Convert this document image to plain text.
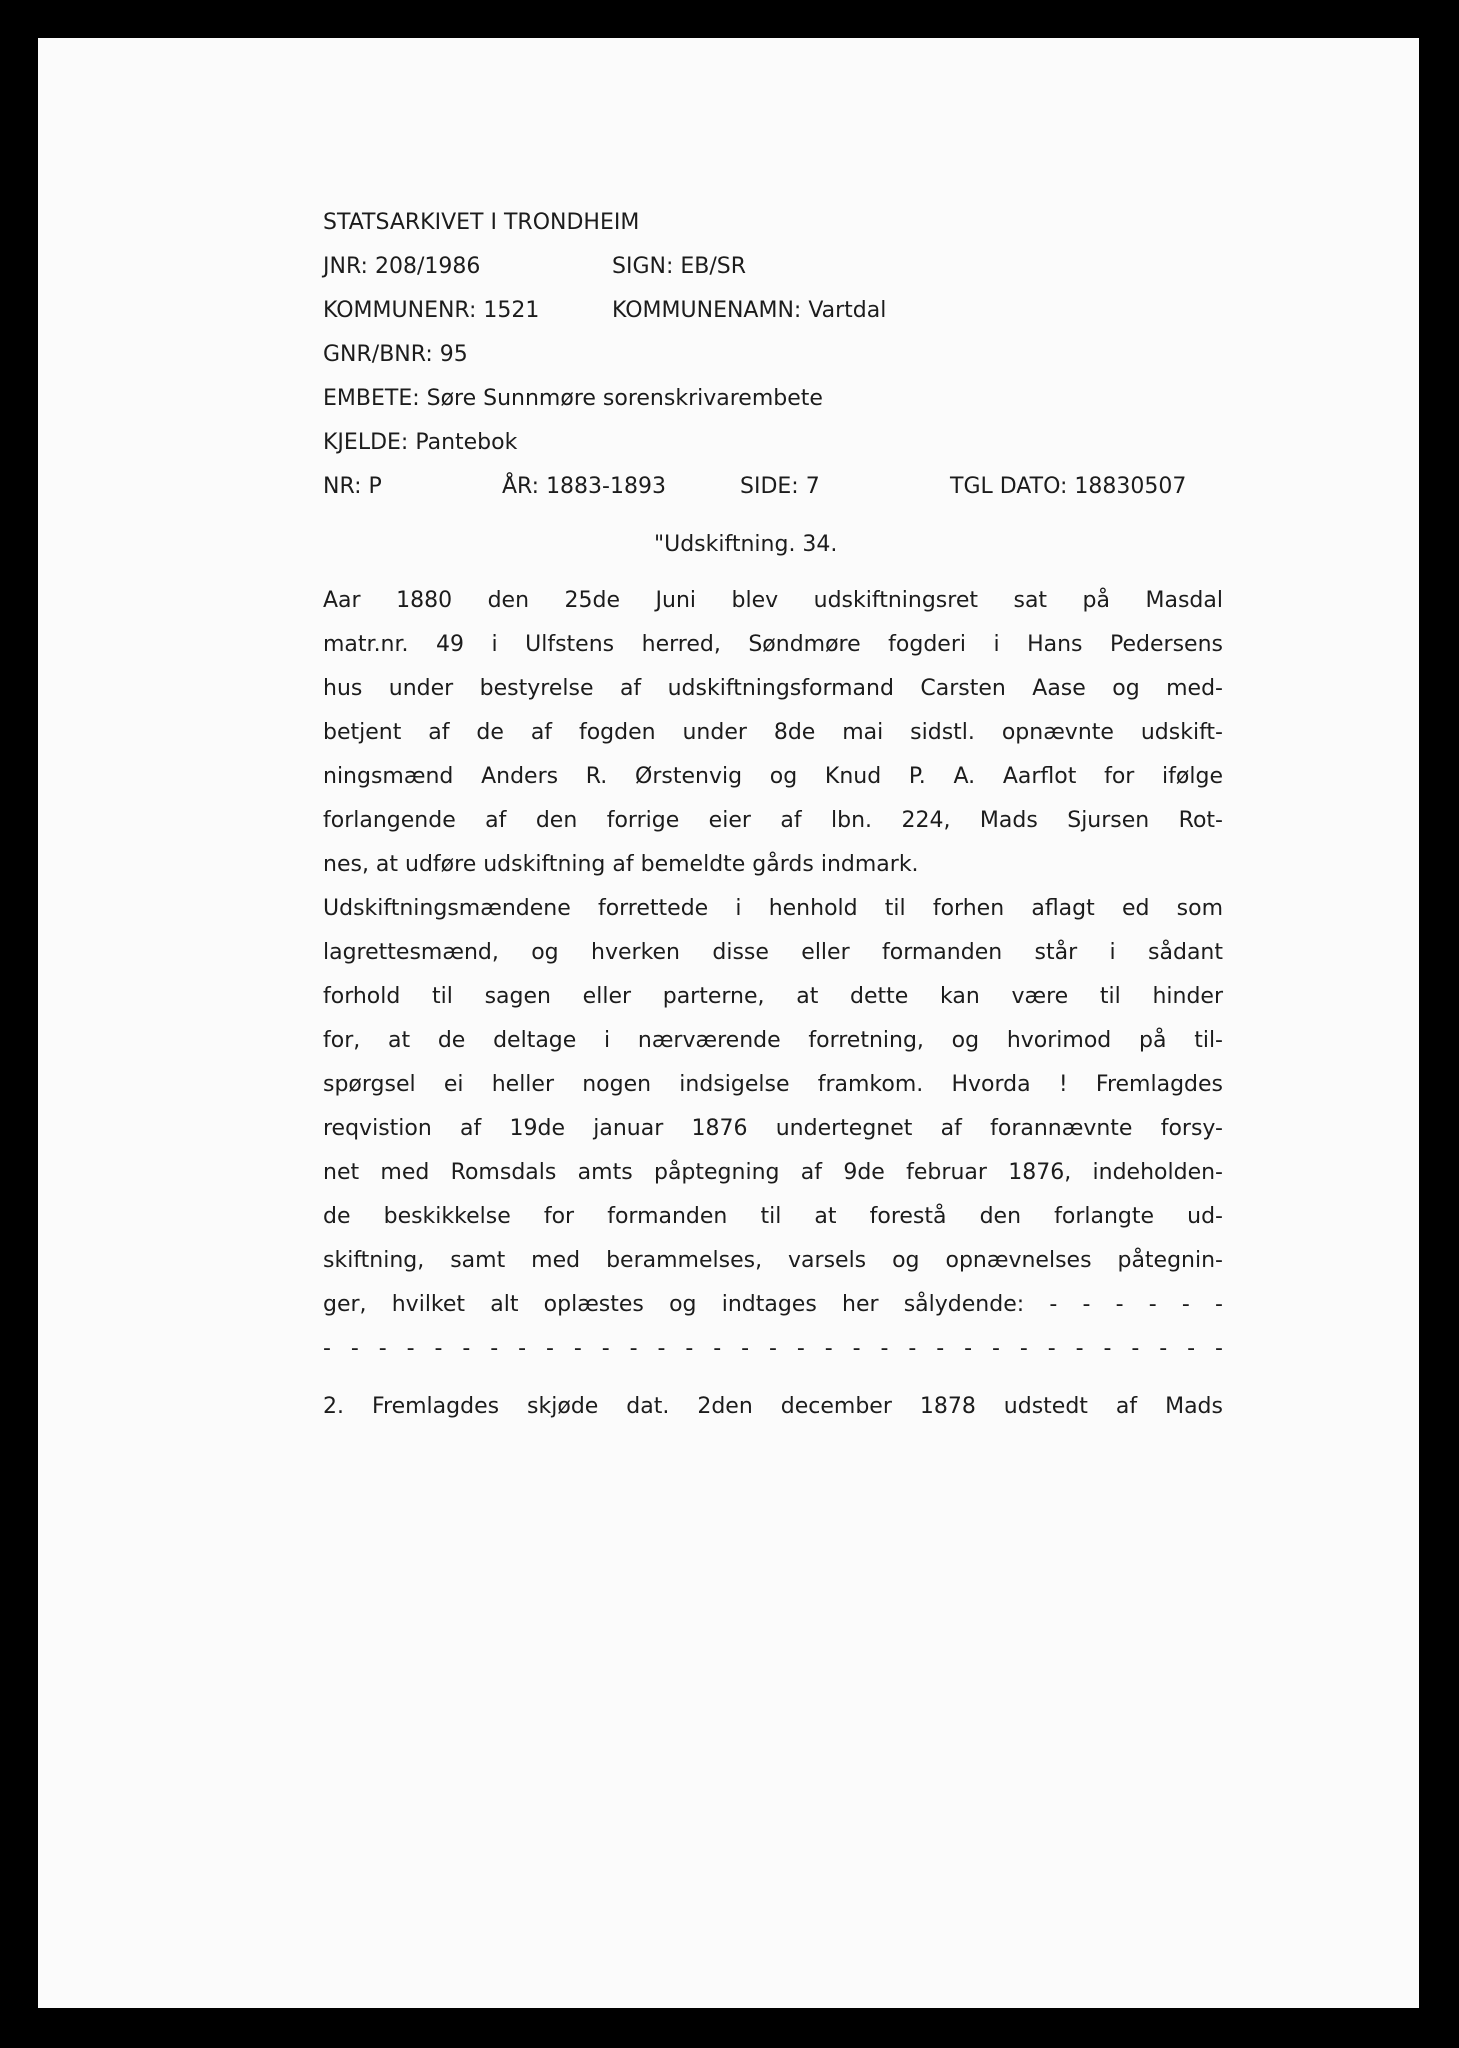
STATSARKIVET I TRONDHEIM
JNR: 208/1986	SIGN: EB/SR
KOMMUNENR: 1521	KOMMUNENAMN: Vartdal
GNR/BNR: 95
EMBETE: Søre Sunnmøre sorenskrivarembete
KJELDE: Pantebok
NR: P	ÅR: 1883-1893	SIDE: 7	TGL DATO: 18830507
"Udskiftning. 34.
Aar 1880 den 25de Juni blev udskiftningsret sat på Masdal
matr.nr. 49 i Ulfstens herred, Søndmøre fogderi i Hans Pedersens
hus under bestyrelse af udskiftningsformand Carsten Aase og med-
betjent af de af fogden under 8de mai sidstl. opnævnte udskift-
ningsmænd Anders R. Ørstenvig og Knud P. A. Aarflot for ifølge
forlangende af den forrige eier af lbn. 224, Mads Sjursen Rot-
nes, at udføre udskiftning af bemeldte gårds indmark.
Udskiftningsmændene forrettede i henhold til forhen aflagt ed som
lagrettesmænd, og hverken disse eller formanden står i sådant
forhold til sagen eller parterne, at dette kan være til hinder
for, at de deltage i nærværende forretning, og hvorimod på til-
spørgsel ei heller nogen indsigelse framkom. Hvorda ! Fremlagdes
reqvistion af 19de januar 1876 undertegnet af forannævnte forsy-
net med Romsdals amts påptegning af 9de februar 1876, indeholden-
de beskikkelse for formanden til at forestå den forlangte ud-
skiftning, samt med berammelses, varsels og opnævnelses påtegnin-
ger, hvilket alt oplæstes og indtages her sålydende: - - - - - -
- - - - - - - - - - - - - - - - - - - - - - - - - - - - - - - - -
2. Fremlagdes skjøde dat. 2den december 1878 udstedt af Mads
